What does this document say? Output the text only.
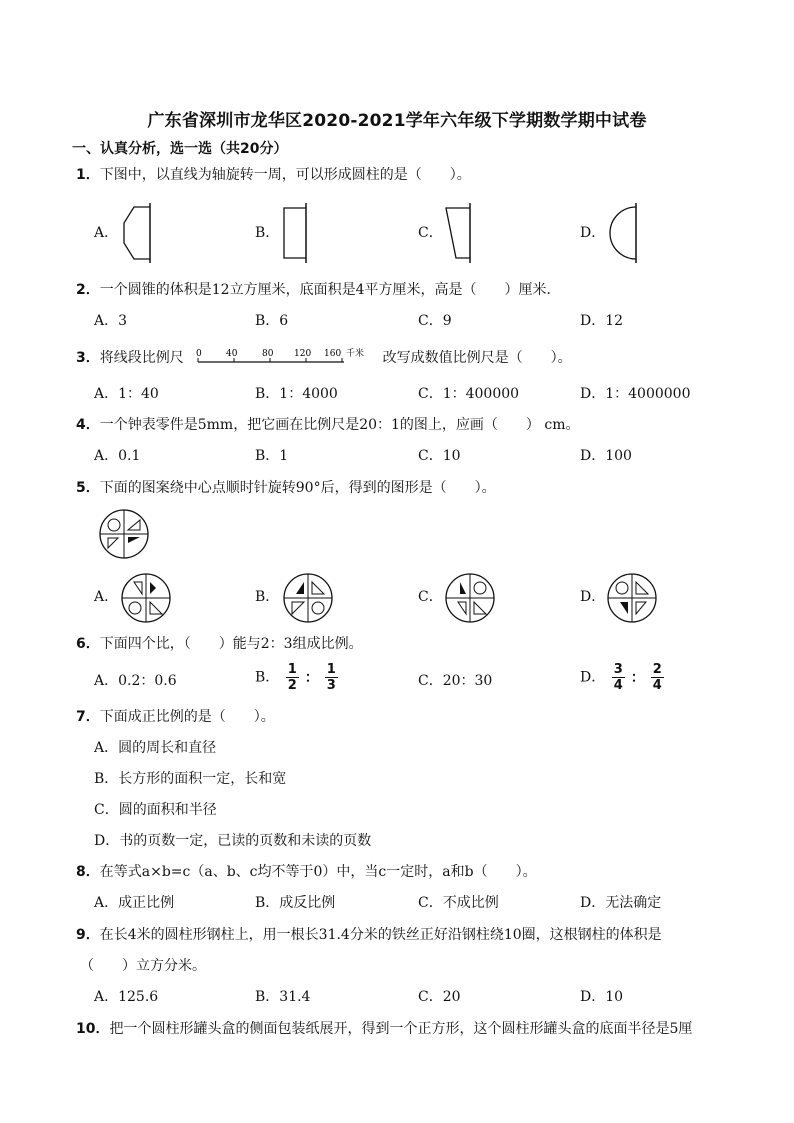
广东省深圳市龙华区2020-2021学年六年级下学期数学期中试卷
一、认真分析，选一选（共20分）
1．下图中，以直线为轴旋转一周，可以形成圆柱的是（　　）。
A．	B．	C．	D．
2．一个圆锥的体积是12立方厘米，底面积是4平方厘米，高是（　　）厘米．
A．3	B．6	C．9	D．12
3．将线段比例尺 0	40	80 120 160 千米 改写成数值比例尺是（　　）。
A．1：40	B．1：4000	C．1：400000	D．1：4000000
4．一个钟表零件是5mm，把它画在比例尺是20：1的图上，应画（　　） cm。
A．0.1	B．1	C．10	D．100
5．下面的图案绕中心点顺时针旋转90°后，得到的图形是（　　）。
A．	B．	C．	D．
6．下面四个比，（　　）能与2：3组成比例。
A．0.2：0.6	B． $\frac{1}{2}$ ： $\frac{1}{3}$	C．20：30	D． $\frac{3}{4}$ ： $\frac{2}{4}$
7．下面成正比例的是（　　）。
A．圆的周长和直径
B．长方形的面积一定，长和宽
C．圆的面积和半径
D．书的页数一定，已读的页数和未读的页数
8．在等式a×b=c（a、b、c均不等于0）中，当c一定时，a和b（　　）。
A．成正比例	B．成反比例	C．不成比例	D．无法确定
9．在长4米的圆柱形钢柱上，用一根长31.4分米的铁丝正好沿钢柱绕10圈，这根钢柱的体积是
（　　）立方分米。
A．125.6	B．31.4	C．20	D．10
10．把一个圆柱形罐头盒的侧面包装纸展开，得到一个正方形，这个圆柱形罐头盒的底面半径是5厘
